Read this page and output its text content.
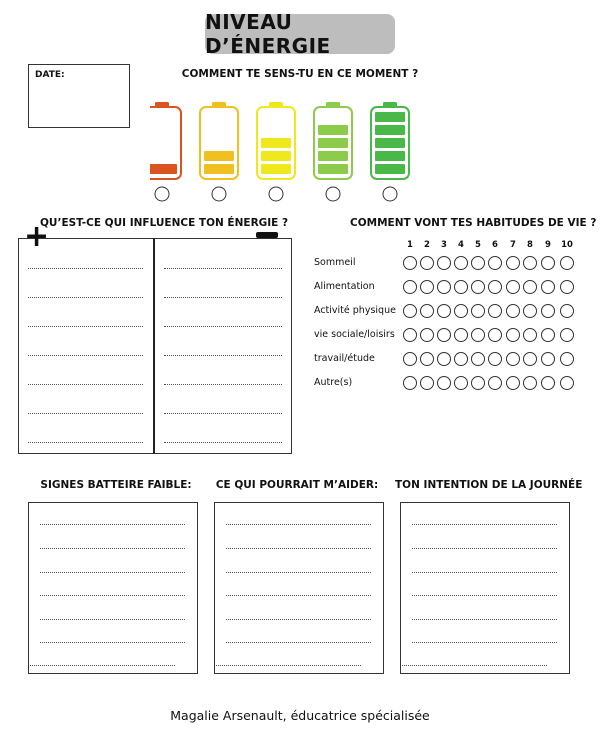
NIVEAU D’ÉNERGIE
DATE:	COMMENT TE SENS-TU EN CE MOMENT ?
QU’EST-CE QUI INFLUENCE TON ÉNERGIE ?
+	COMMENT VONT TES HABITUDES DE VIE ?
1	2	3	4	5	6	7	8	9	10
Sommeil
Alimentation
Activité physique
vie sociale/loisirs
travail/étude
Autre(s)
SIGNES BATTEIRE FAIBLE:	CE QUI POURRAIT M’AIDER:	TON INTENTION DE LA JOURNÉE
Magalie Arsenault, éducatrice spécialisée
